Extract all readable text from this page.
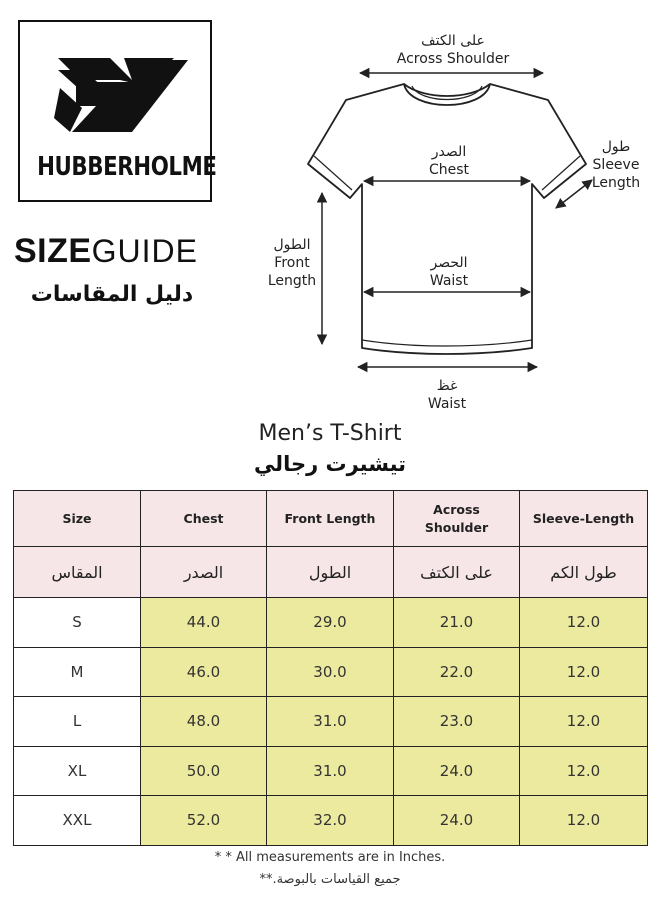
HUBBERHOLME
SIZEGUIDE
دليل المقاسات
على الكتف
Across Shoulder
الصدر
Chest
طول
Sleeve
Length
الطول
Front
Length
الحصر
Waist
غظ
Waist
Men’s T-Shirt
تيشيرت رجالي
Size	Chest	Front Length	Across Shoulder	Sleeve-Length
المقاس	الصدر	الطول	على الكتف	طول الكم
S	44.0	29.0	21.0	12.0
M	46.0	30.0	22.0	12.0
L	48.0	31.0	23.0	12.0
XL	50.0	31.0	24.0	12.0
XXL	52.0	32.0	24.0	12.0
* * All measurements are in Inches.
جميع القياسات بالبوصة.**
